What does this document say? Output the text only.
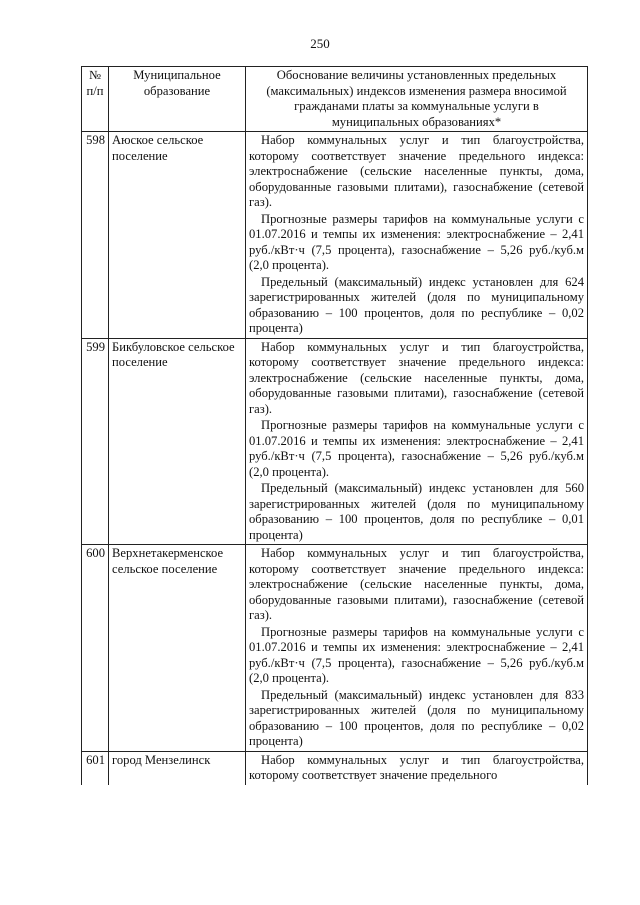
250
№ п/п	Муниципальное образование	Обоснование величины установленных предельных (максимальных) индексов изменения размера вносимой гражданами платы за коммунальные услуги в муниципальных образованиях*
598	Аюское сельское поселение	Набор коммунальных услуг и тип благоустройства, которому соответствует значение предельного индекса: электроснабжение (сельские населенные пункты, дома, оборудованные газовыми плитами), газоснабжение (сетевой газ).

Прогнозные размеры тарифов на коммунальные услуги с 01.07.2016 и темпы их изменения: электроснабжение – 2,41 руб./кВт·ч (7,5 процента), газоснабжение – 5,26 руб./куб.м (2,0 процента).

Предельный (максимальный) индекс установлен для 624 зарегистрированных жителей (доля по муниципальному образованию – 100 процентов, доля по республике – 0,02 процента)

599	Бикбуловское сельское поселение	Набор коммунальных услуг и тип благоустройства, которому соответствует значение предельного индекса: электроснабжение (сельские населенные пункты, дома, оборудованные газовыми плитами), газоснабжение (сетевой газ).

Прогнозные размеры тарифов на коммунальные услуги с 01.07.2016 и темпы их изменения: электроснабжение – 2,41 руб./кВт·ч (7,5 процента), газоснабжение – 5,26 руб./куб.м (2,0 процента).

Предельный (максимальный) индекс установлен для 560 зарегистрированных жителей (доля по муниципальному образованию – 100 процентов, доля по республике – 0,01 процента)

600	Верхнетакерменское сельское поселение	Набор коммунальных услуг и тип благоустройства, которому соответствует значение предельного индекса: электроснабжение (сельские населенные пункты, дома, оборудованные газовыми плитами), газоснабжение (сетевой газ).

Прогнозные размеры тарифов на коммунальные услуги с 01.07.2016 и темпы их изменения: электроснабжение – 2,41 руб./кВт·ч (7,5 процента), газоснабжение – 5,26 руб./куб.м (2,0 процента).

Предельный (максимальный) индекс установлен для 833 зарегистрированных жителей (доля по муниципальному образованию – 100 процентов, доля по республике – 0,02 процента)

601	город Мензелинск	Набор коммунальных услуг и тип благоустройства, которому соответствует значение предельного
